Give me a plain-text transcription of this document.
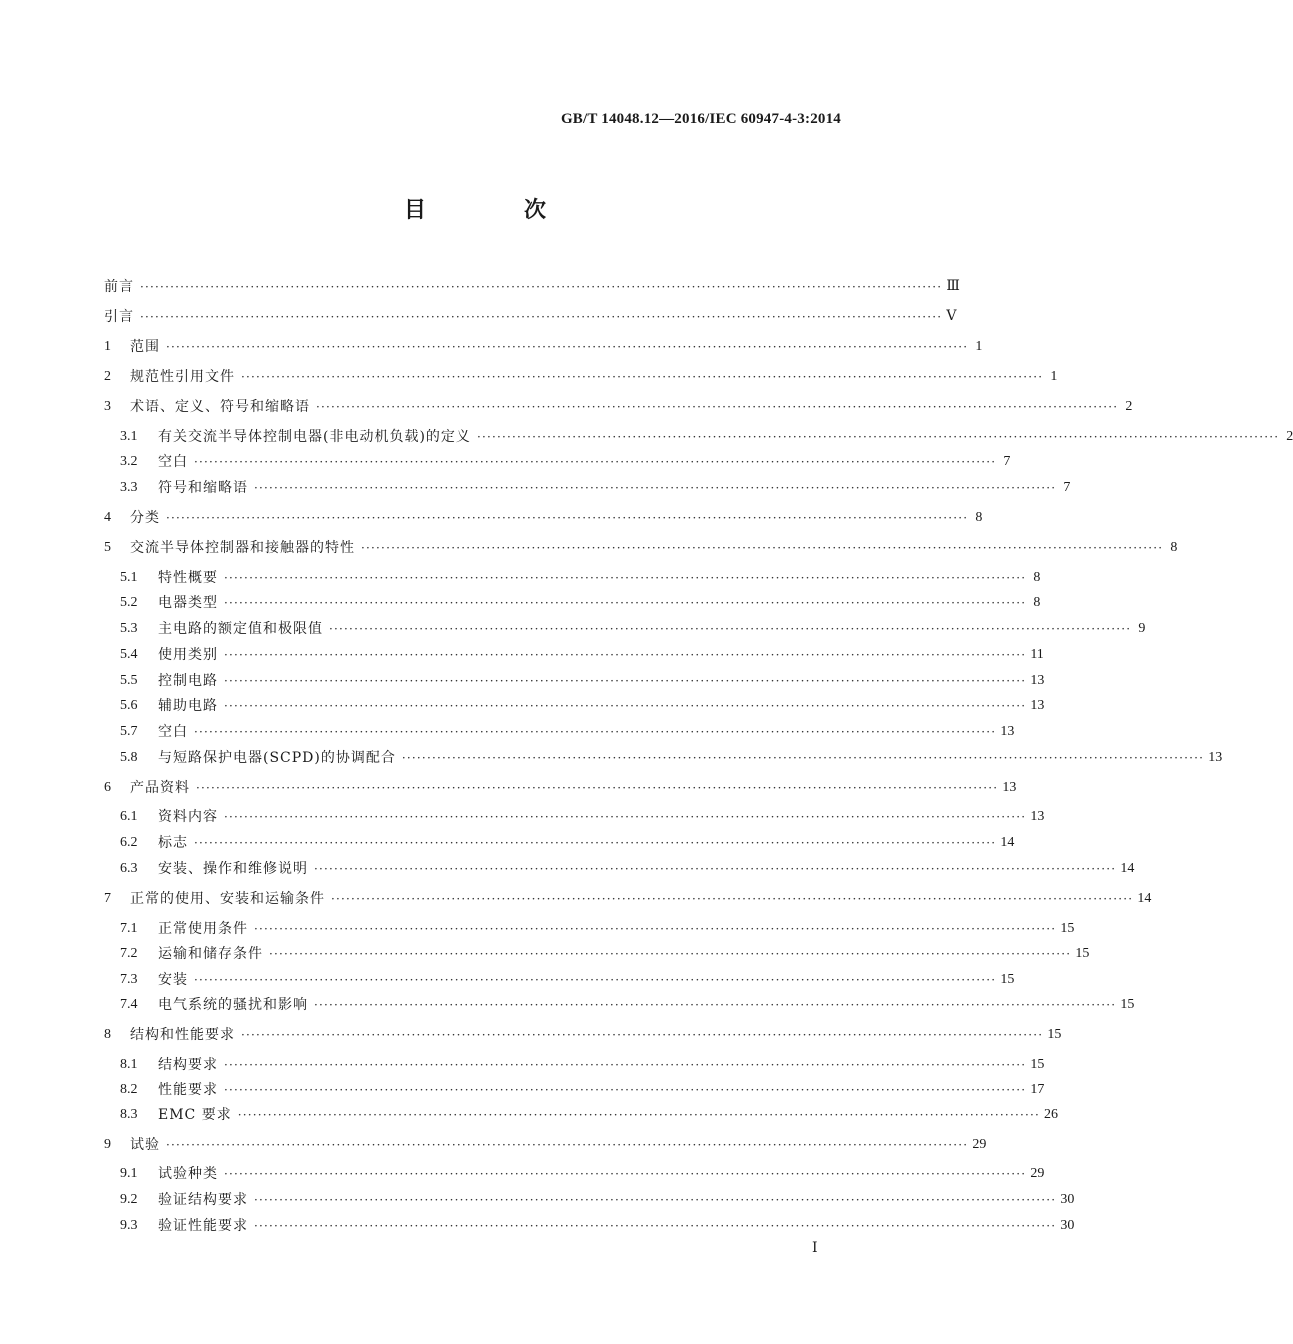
GB/T 14048.12—2016/IEC 60947-4-3:2014
目　次
前言 ································································································································································ Ⅲ
引言 ································································································································································ Ⅴ
1	范围 ································································································································································ 1
2	规范性引用文件 ································································································································································ 1
3	术语、定义、符号和缩略语 ································································································································································ 2
3.1	有关交流半导体控制电器(非电动机负载)的定义 ································································································································································ 2
3.2	空白 ································································································································································ 7
3.3	符号和缩略语 ································································································································································ 7
4	分类 ································································································································································ 8
5	交流半导体控制器和接触器的特性 ································································································································································ 8
5.1	特性概要 ································································································································································ 8
5.2	电器类型 ································································································································································ 8
5.3	主电路的额定值和极限值 ································································································································································ 9
5.4	使用类别 ································································································································································ 11
5.5	控制电路 ································································································································································ 13
5.6	辅助电路 ································································································································································ 13
5.7	空白 ································································································································································ 13
5.8	与短路保护电器(SCPD)的协调配合 ································································································································································ 13
6	产品资料 ································································································································································ 13
6.1	资料内容 ································································································································································ 13
6.2	标志 ································································································································································ 14
6.3	安装、操作和维修说明 ································································································································································ 14
7	正常的使用、安装和运输条件 ································································································································································ 14
7.1	正常使用条件 ································································································································································ 15
7.2	运输和储存条件 ································································································································································ 15
7.3	安装 ································································································································································ 15
7.4	电气系统的骚扰和影响 ································································································································································ 15
8	结构和性能要求 ································································································································································ 15
8.1	结构要求 ································································································································································ 15
8.2	性能要求 ································································································································································ 17
8.3	EMC 要求 ································································································································································ 26
9	试验 ································································································································································ 29
9.1	试验种类 ································································································································································ 29
9.2	验证结构要求 ································································································································································ 30
9.3	验证性能要求 ································································································································································ 30
Ⅰ
